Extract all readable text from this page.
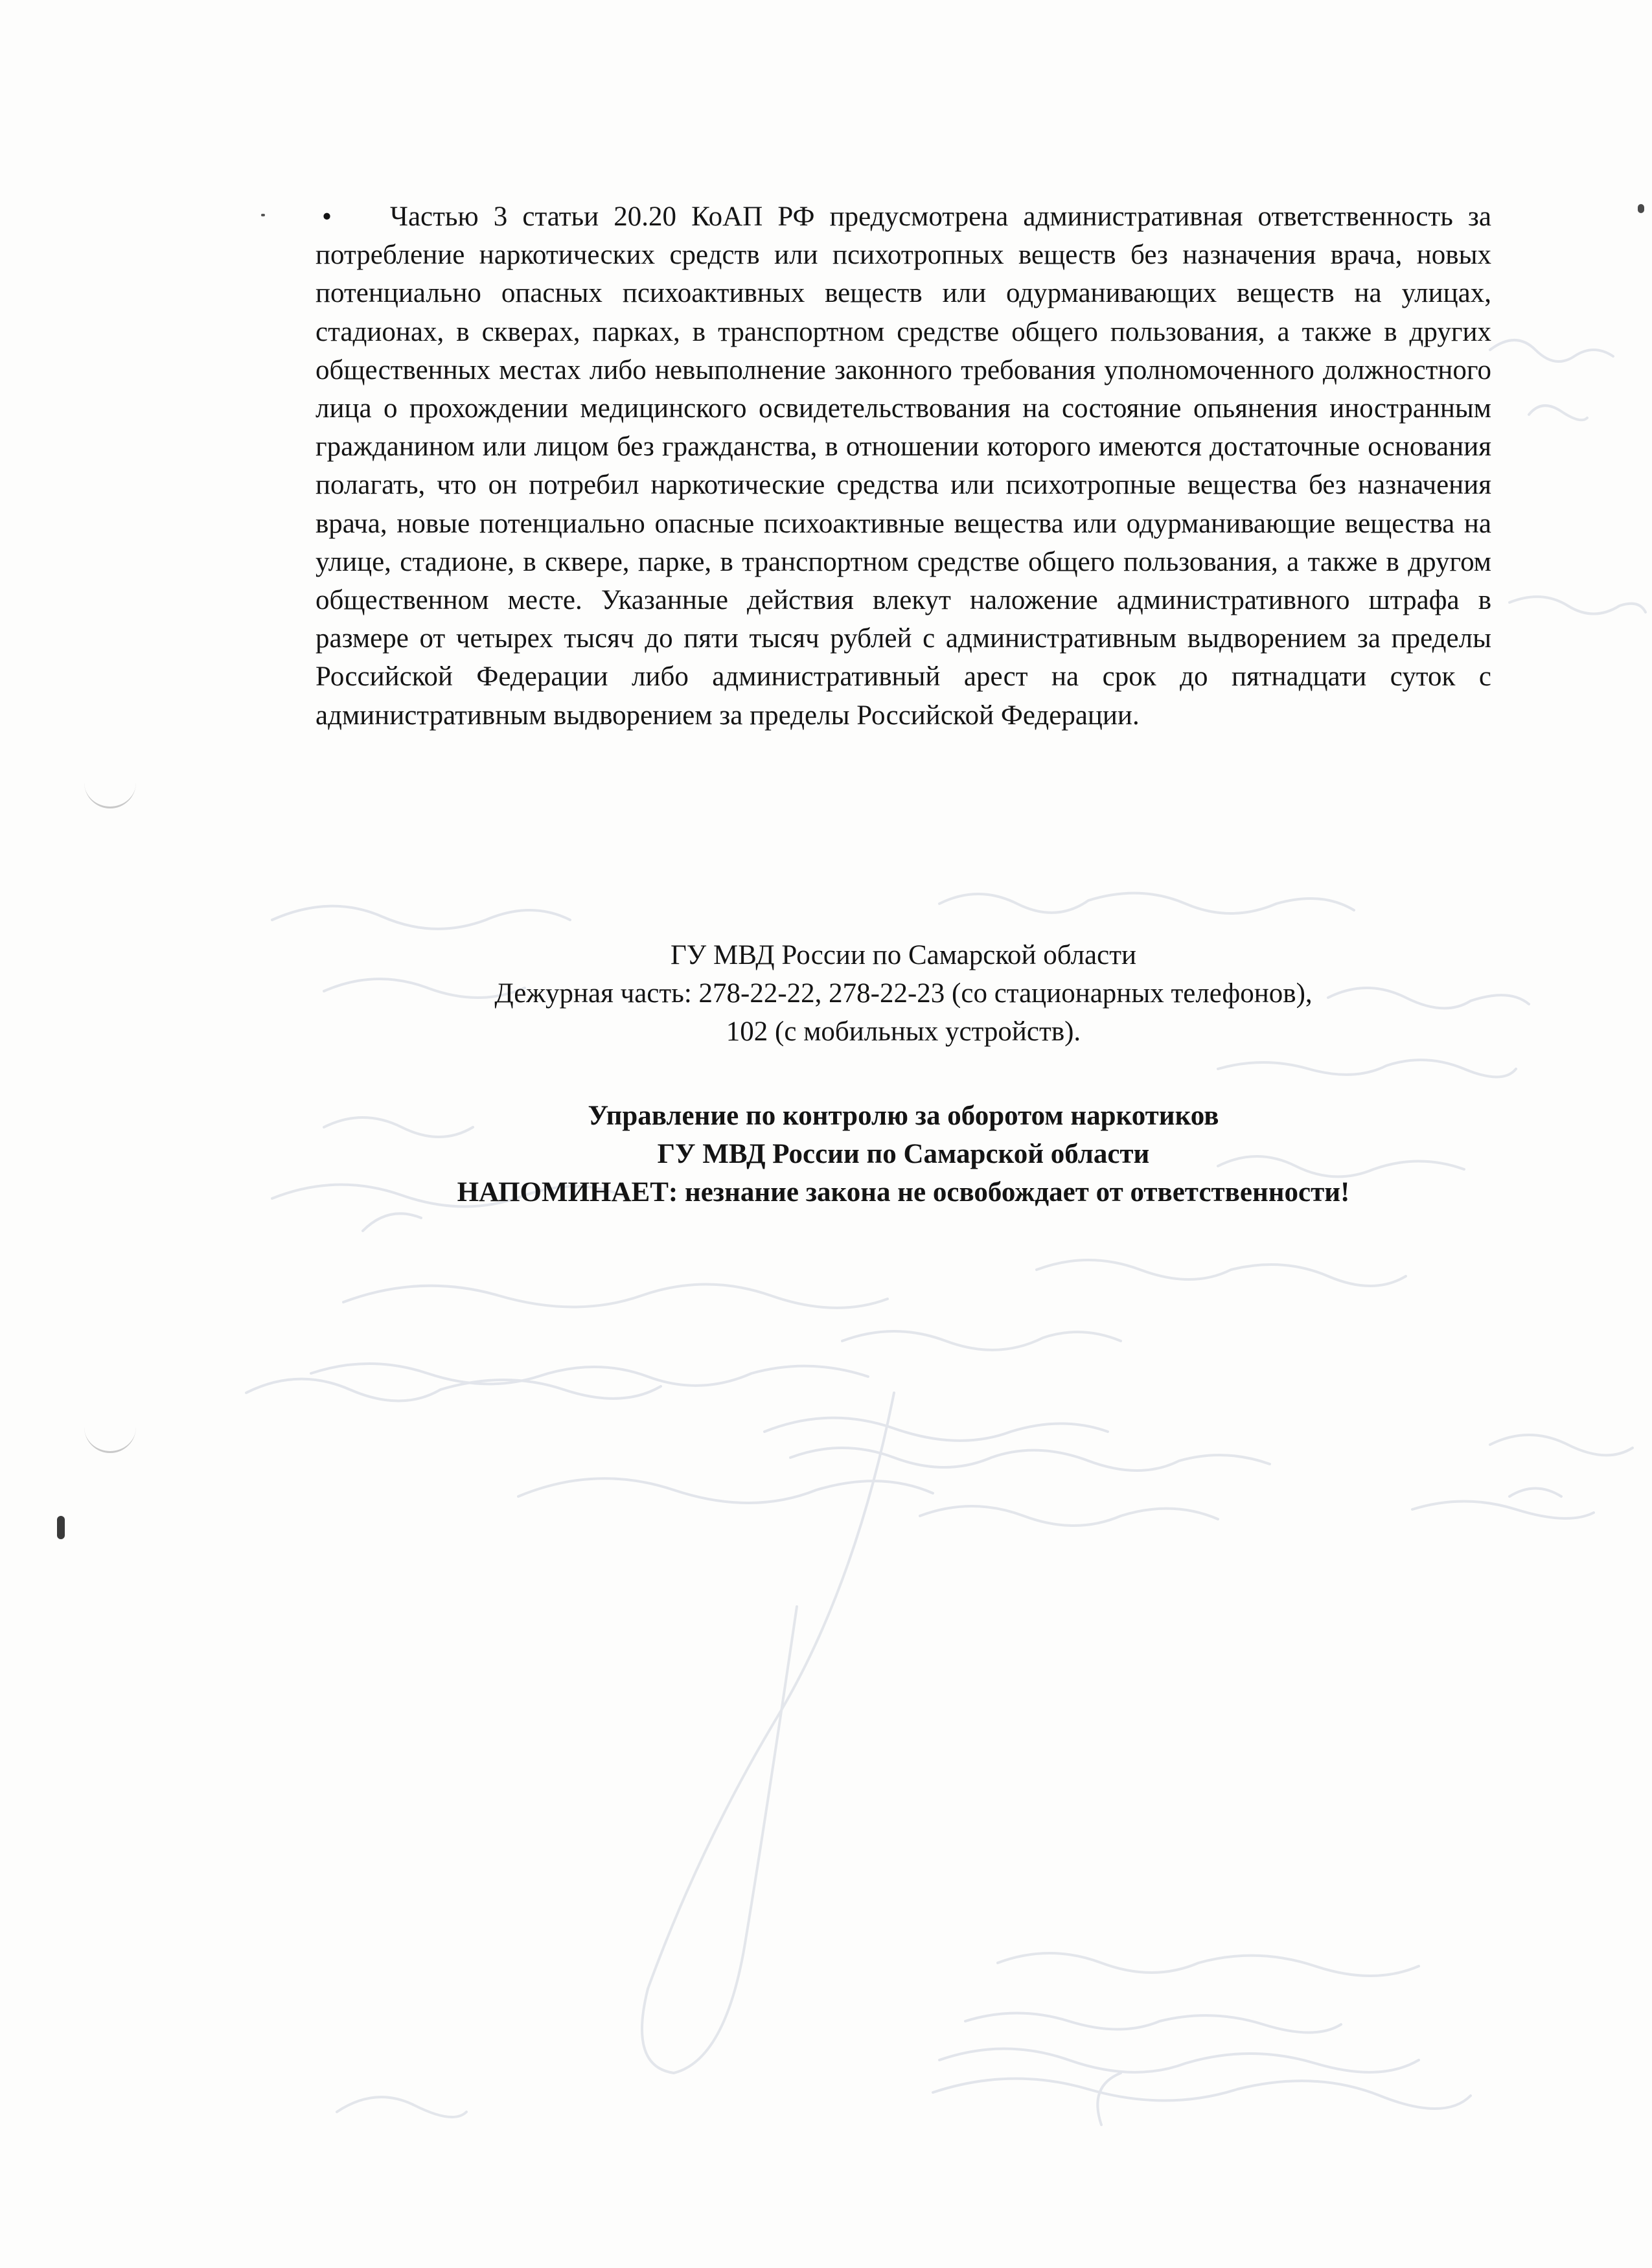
• Частью 3 статьи 20.20 КоАП РФ предусмотрена административная ответственность за потребление наркотических средств или психотропных веществ без назначения врача, новых потенциально опасных психоактивных веществ или одурманивающих веществ на улицах, стадионах, в скверах, парках, в транспортном средстве общего пользования, а также в других общественных местах либо невыполнение законного требования уполномоченного должностного лица о прохождении медицинского освидетельствования на состояние опьянения иностранным гражданином или лицом без гражданства, в отношении которого имеются достаточные основания полагать, что он потребил наркотические средства или психотропные вещества без назначения врача, новые потенциально опасные психоактивные вещества или одурманивающие вещества на улице, стадионе, в сквере, парке, в транспортном средстве общего пользования, а также в другом общественном месте. Указанные действия влекут наложение административного штрафа в размере от четырех тысяч до пяти тысяч рублей с административным выдворением за пределы Российской Федерации либо административный арест на срок до пятнадцати суток с административным выдворением за пределы Российской Федерации.

ГУ МВД России по Самарской области
Дежурная часть: 278-22-22, 278-22-23 (со стационарных телефонов),
102 (с мобильных устройств).
Управление по контролю за оборотом наркотиков
ГУ МВД России по Самарской области
НАПОМИНАЕТ: незнание закона не освобождает от ответственности!
